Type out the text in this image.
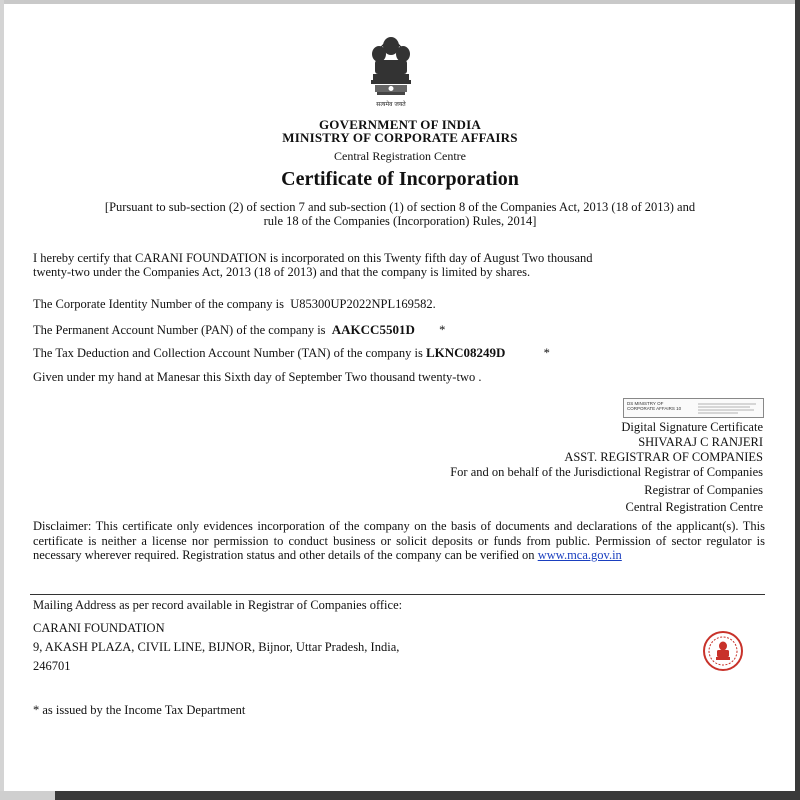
सत्यमेव जयते
GOVERNMENT OF INDIA
MINISTRY OF CORPORATE AFFAIRS
Central Registration Centre
Certificate of Incorporation
[Pursuant to sub-section (2) of section 7 and sub-section (1) of section 8 of the Companies Act, 2013 (18 of 2013) and
rule 18 of the Companies (Incorporation) Rules, 2014]
I hereby certify that CARANI FOUNDATION is incorporated on this Twenty fifth day of August Two thousand
twenty-two under the Companies Act, 2013 (18 of 2013) and that the company is limited by shares.
The Corporate Identity Number of the company is U85300UP2022NPL169582.
The Permanent Account Number (PAN) of the company is AAKCC5501D *
The Tax Deduction and Collection Account Number (TAN) of the company is LKNC08249D	*
Given under my hand at Manesar this Sixth day of September Two thousand twenty-two .
DS MINISTRY OF
CORPORATE AFFAIRS 10
Digital Signature Certificate
SHIVARAJ C RANJERI
ASST. REGISTRAR OF COMPANIES
For and on behalf of the Jurisdictional Registrar of Companies
Registrar of Companies
Central Registration Centre
Disclaimer: This certificate only evidences incorporation of the company on the basis of documents and declarations of the applicant(s). This certificate is neither a license nor permission to conduct business or solicit deposits or funds from public. Permission of sector regulator is necessary wherever required. Registration status and other details of the company can be verified on www.mca.gov.in
Mailing Address as per record available in Registrar of Companies office:
CARANI FOUNDATION
9, AKASH PLAZA, CIVIL LINE, BIJNOR, Bijnor, Uttar Pradesh, India,
246701
* as issued by the Income Tax Department
